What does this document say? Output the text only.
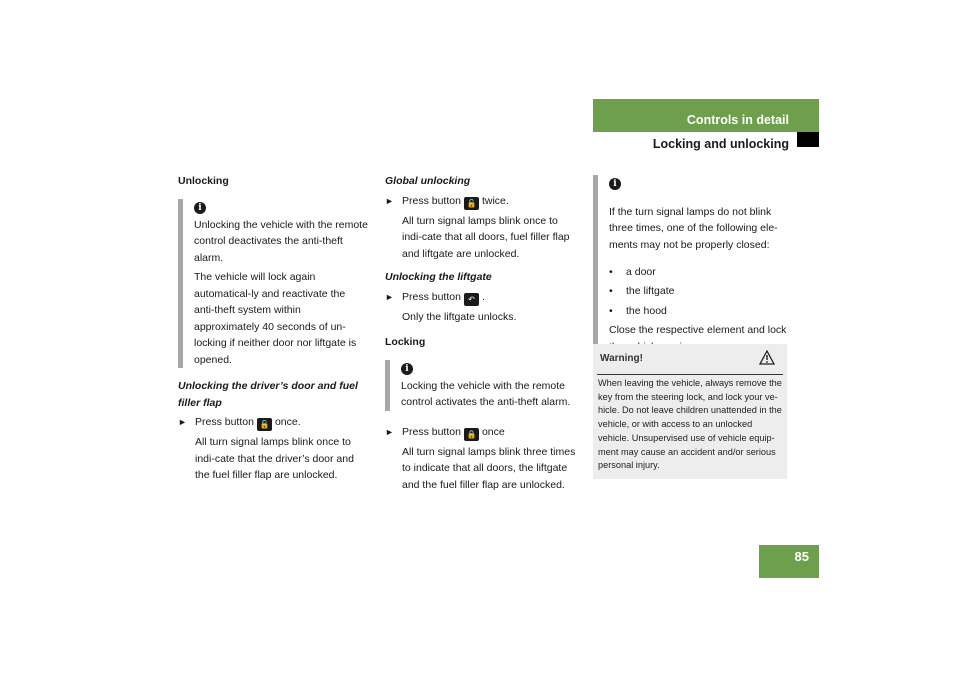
Controls in detail
Locking and unlocking

Unlocking

i

Unlocking the vehicle with the remote control deactivates the anti-theft alarm.

The vehicle will lock again automatical-ly and reactivate the anti-theft system within approximately 40 seconds of un-locking if neither door nor liftgate is opened.

Unlocking the driver’s door and fuel filler flap

► Press button 🔓 once.

All turn signal lamps blink once to indi-cate that the driver’s door and the fuel filler flap are unlocked.

Global unlocking

► Press button 🔓 twice.

All turn signal lamps blink once to indi-cate that all doors, fuel filler flap and liftgate are unlocked.

Unlocking the liftgate

► Press button ↶ .

Only the liftgate unlocks.

Locking

i

Locking the vehicle with the remote control activates the anti-theft alarm.

► Press button 🔒 once

All turn signal lamps blink three times to indicate that all doors, the liftgate and the fuel filler flap are unlocked.

i

If the turn signal lamps do not blink three times, one of the following ele-ments may not be properly closed:

• a door
• the liftgate
• the hood

Close the respective element and lock

Warning!
When leaving the vehicle, always remove the key from the steering lock, and lock your ve-hicle. Do not leave children unattended in the vehicle, or with access to an unlocked vehicle. Unsupervised use of vehicle equip-ment may cause an accident and/or serious personal injury.
85
